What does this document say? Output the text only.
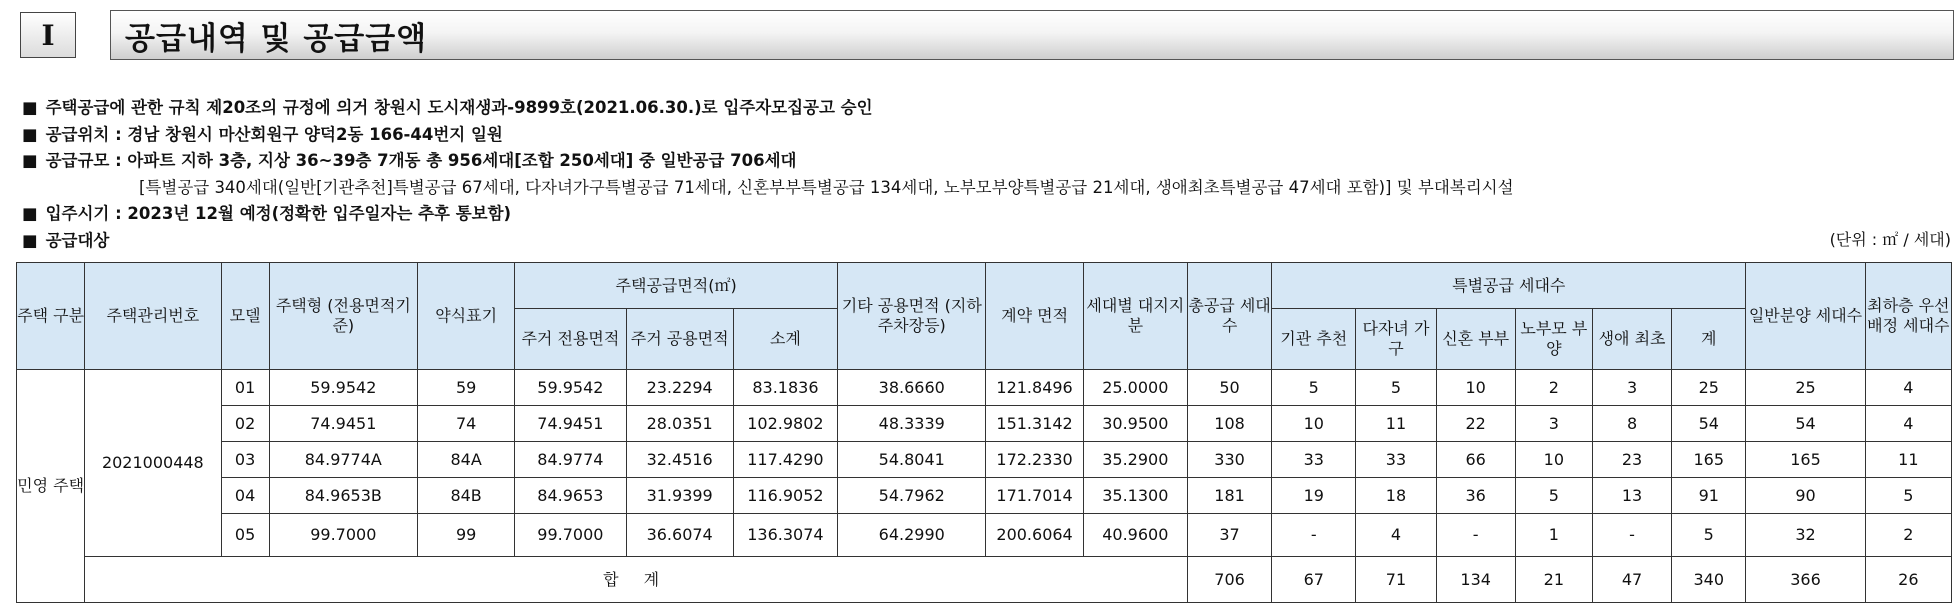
I	공급내역 및 공급금액
■ 주택공급에 관한 규칙 제20조의 규정에 의거 창원시 도시재생과-9899호(2021.06.30.)로 입주자모집공고 승인
■ 공급위치 : 경남 창원시 마산회원구 양덕2동 166-44번지 일원
■ 공급규모 : 아파트 지하 3층, 지상 36~39층 7개동 총 956세대[조합 250세대] 중 일반공급 706세대
[특별공급 340세대(일반[기관추천]특별공급 67세대, 다자녀가구특별공급 71세대, 신혼부부특별공급 134세대, 노부모부양특별공급 21세대, 생애최초특별공급 47세대 포함)] 및 부대복리시설
■ 입주시기 : 2023년 12월 예정(정확한 입주일자는 추후 통보함)
■ 공급대상	(단위 : ㎡ / 세대)
주택 구분	주택관리번호	모델	주택형 (전용면적기준)	약식표기	주택공급면적(㎡)			기타 공용면적 (지하주차장등)	계약 면적	세대별 대지지분	총공급 세대수	특별공급 세대수						일반분양 세대수	최하층 우선배정 세대수
					주거 전용면적	주거 공용면적	소계					기관 추천	다자녀 가구	신혼 부부	노부모 부양	생애 최초	계		
민영 주택	2021000448	01	59.9542	59	59.9542	23.2294	83.1836	38.6660	121.8496	25.0000	50	5	5	10	2	3	25	25	4
		02	74.9451	74	74.9451	28.0351	102.9802	48.3339	151.3142	30.9500	108	10	11	22	3	8	54	54	4
		03	84.9774A	84A	84.9774	32.4516	117.4290	54.8041	172.2330	35.2900	330	33	33	66	10	23	165	165	11
		04	84.9653B	84B	84.9653	31.9399	116.9052	54.7962	171.7014	35.1300	181	19	18	36	5	13	91	90	5
		05	99.7000	99	99.7000	36.6074	136.3074	64.2990	200.6064	40.9600	37	-	4	-	1	-	5	32	2
	합 계										706	67	71	134	21	47	340	366	26
